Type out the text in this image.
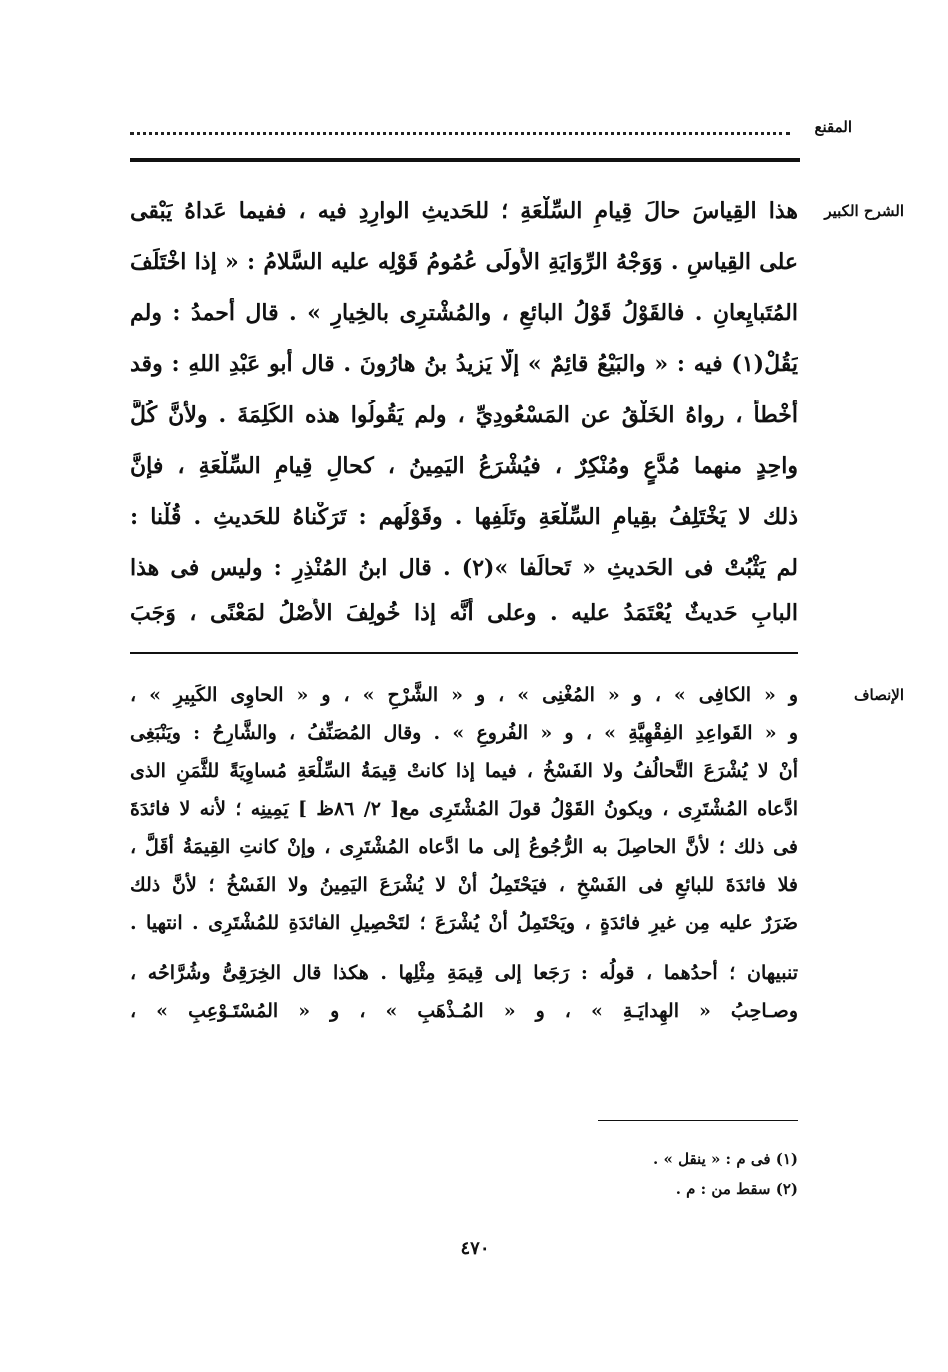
المقنع
الشرح الكبير
هذا القِياسَ حالَ قِيامِ السِّلْعَةِ ؛ للحَديثِ الوارِدِ فيه ، ففيما عَداهُ يَبْقى
على القِياسِ . وَوَجْهُ الرِّوَايَةِ الأُولَى عُمُومُ قَوْلِه عليه السَّلامُ : « إذا اخْتَلَفَ
المُتَبايِعانِ . فالقَوْلُ قَوْلُ البائعِ ، والمُشْترِى بالخِيارِ » . قال أحمدُ : ولم
يَقُلْ(١) فيه : « والبَيْعُ قائِمٌ » إلَّا يَزيدُ بنُ هارُونَ . قال أبو عَبْدِ اللهِ : وقد
أخْطأَ ، رواهُ الخَلْقُ عن المَسْعُودِيِّ ، ولم يَقُولُوا هذه الكَلِمَةَ . ولأنَّ كُلَّ
واحِدٍ منهما مُدَّعٍ ومُنْكِرٌ ، فيُشْرَعُ اليَمِينُ ، كحالِ قِيامِ السِّلْعَةِ ، فإنَّ
ذلك لا يَخْتَلِفُ بقِيامِ السِّلْعَةِ وتَلَفِها . وقَوْلُهم : تَرَكْناهُ للحَديثِ . قُلْنا :
لم يَثْبُتْ فى الحَديثِ « تَحالَفا »(٢) . قال ابنُ المُنْذِرِ : وليس فى هذا
البابِ حَديثٌ يُعْتَمَدُ عليه . وعلى أنَّه إذا خُولِفَ الأَصْلُ لمَعْنًى ، وَجَبَ
الإنصاف
و « الكافِى » ، و « المُغْنِى » ، و « الشَّرْحِ » ، و « الحاوِى الكَبِيرِ » ،
و « القَواعِدِ الفِقْهِيَّةِ » ، و « الفُروعِ » . وقال المُصَنِّفُ ، والشَّارِحُ : ويَنْبَغِى
أنْ لا يُشْرَعَ التَّحالُفُ ولا الفَسْخُ ، فيما إذا كانتْ قِيمَةُ السِّلْعَةِ مُساوِيَةً للثَّمَنِ الذى
ادَّعاه المُشْتَرِى ، ويكونُ القَوْلُ قولَ المُشْتَرِى مع[ ٢/ ٨٦ظ ] يَمِينِه ؛ لأنه لا فائدَةَ
فى ذلك ؛ لأنَّ الحاصِلَ به الرُّجُوعُ إلى ما ادَّعاه المُشْتَرِى ، وإنْ كانتِ القِيمَةُ أقَلَّ ،
فلا فائدَةَ للبائعِ فى الفَسْخِ ، فيَحْتَمِلُ أنْ لا يُشْرَعَ اليَمِينُ ولا الفَسْخُ ؛ لأنَّ ذلك
ضَرَرٌ عليه مِن غيرِ فائدَةٍ ، ويَحْتَمِلُ أنْ يُشْرَعَ ؛ لتَحْصِيلِ الفائدَةِ للمُشْتَرِى . انتهيا .
تنبيهان ؛ أحدُهما ، قولُه : رَجَعا إلى قِيمَةِ مِثْلِها . هكذا قال الخِرَقِىُّ وشُرَّاحُه ،
وصـاحِبُ « الهِدايَـةِ » ، و « المُـذْهَبِ » ، و « المُسْتَـوْعِبِ » ،
(١) فى م : « ينقل » .
(٢) سقط من : م .
٤٧٠
